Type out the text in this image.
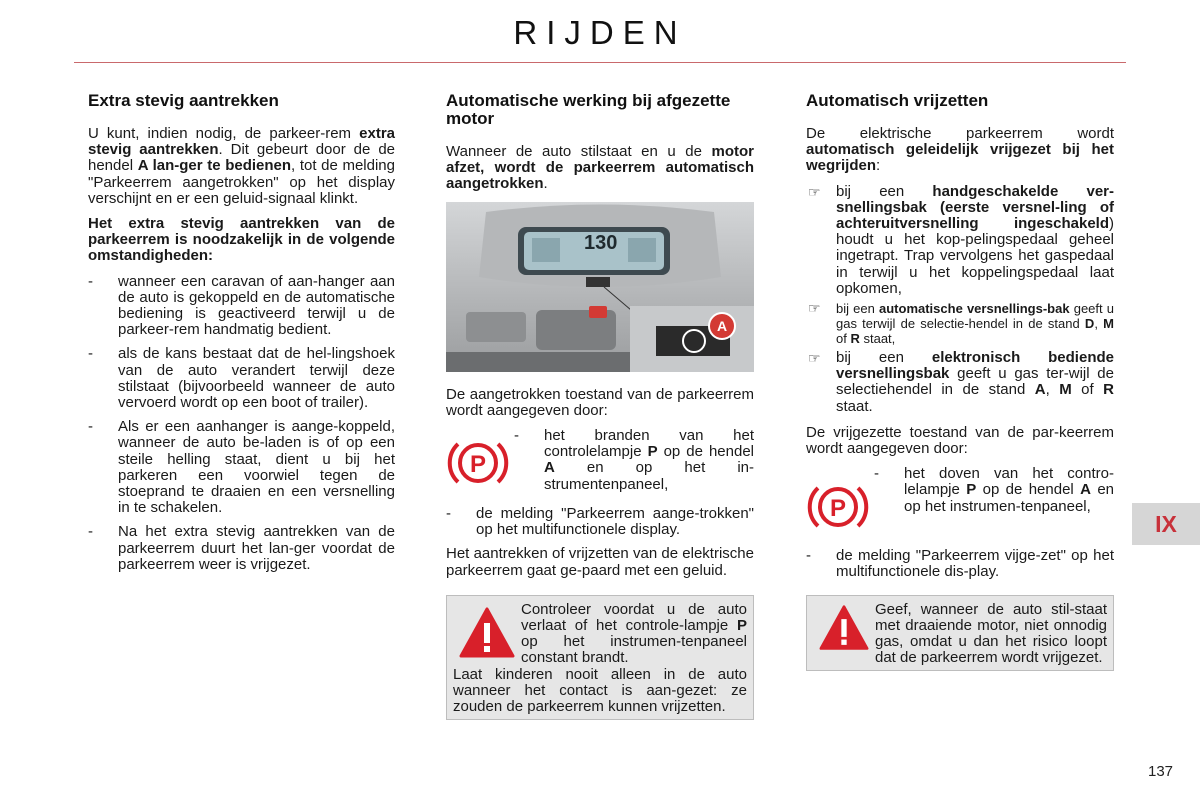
RIJDEN
Extra stevig aantrekken

U kunt, indien nodig, de parkeer-rem extra stevig aantrekken. Dit gebeurt door de de hendel A lan-ger te bedienen, tot de melding "Parkeerrem aangetrokken" op het display verschijnt en er een geluid-signaal klinkt.

Het extra stevig aantrekken van de parkeerrem is noodzakelijk in de volgende omstandigheden:

- wanneer een caravan of aan-hanger aan de auto is gekoppeld en de automatische bediening is geactiveerd terwijl u de parkeer-rem handmatig bedient.
- als de kans bestaat dat de hel-lingshoek van de auto verandert terwijl deze stilstaat (bijvoorbeeld wanneer de auto vervoerd wordt op een boot of trailer).
- Als er een aanhanger is aange-koppeld, wanneer de auto be-laden is of op een steile helling staat, dient u bij het parkeren een voorwiel tegen de stoeprand te draaien en een versnelling in te schakelen.
- Na het extra stevig aantrekken van de parkeerrem duurt het lan-ger voordat de parkeerrem weer is vrijgezet.
Automatische werking bij afgezette motor

Wanneer de auto stilstaat en u de motor afzet, wordt de parkeerrem automatisch aangetrokken.

130
A

De aangetrokken toestand van de parkeerrem wordt aangegeven door:

P
- het branden van het controlelampje P op de hendel A en op het in-strumentenpaneel,
- de melding "Parkeerrem aange-trokken" op het multifunctionele display.

Het aantrekken of vrijzetten van de elektrische parkeerrem gaat ge-paard met een geluid.

Controleer voordat u de auto verlaat of het controle-lampje P op het instrumen-tenpaneel constant brandt.

Laat kinderen nooit alleen in de auto wanneer het contact is aan-gezet: ze zouden de parkeerrem kunnen vrijzetten.

Automatisch vrijzetten

De elektrische parkeerrem wordt automatisch geleidelijk vrijgezet bij het wegrijden:

☞ bij een handgeschakelde ver-snellingsbak (eerste versnel-ling of achteruitversnelling ingeschakeld) houdt u het kop-pelingspedaal geheel ingetrapt. Trap vervolgens het gaspedaal in terwijl u het koppelingspedaal laat opkomen,
☞ bij een automatische versnellings-bak geeft u gas terwijl de selectie-hendel in de stand D, M of R staat,
☞ bij een elektronisch bediende versnellingsbak geeft u gas ter-wijl de selectiehendel in de stand A, M of R staat.

De vrijgezette toestand van de par-keerrem wordt aangegeven door:

P
- het doven van het contro-lelampje P op de hendel A en op het instrumen-tenpaneel,
- de melding "Parkeerrem vijge-zet" op het multifunctionele dis-play.

Geef, wanneer de auto stil-staat met draaiende motor, niet onnodig gas, omdat u dan het risico loopt dat de parkeerrem wordt vrijgezet.

IX
137
